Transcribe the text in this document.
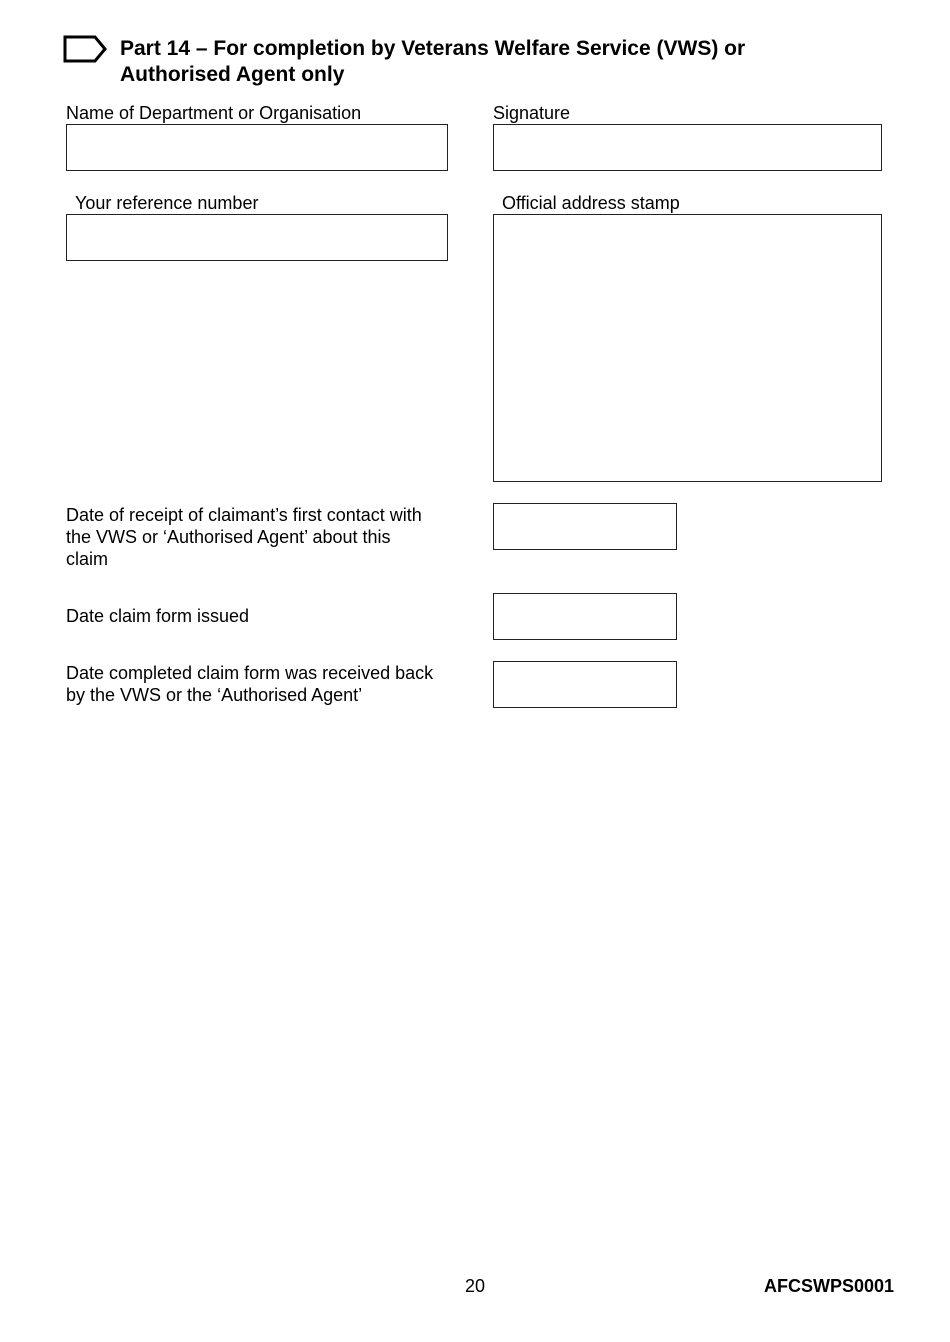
Part 14 – For completion by Veterans Welfare Service (VWS) or Authorised Agent only

Name of Department or Organisation	Signature

Your reference number	Official address stamp

Date of receipt of claimant’s first contact with the VWS or ‘Authorised Agent’ about this claim

Date claim form issued

Date completed claim form was received back by the VWS or the ‘Authorised Agent’

20	AFCSWPS0001
